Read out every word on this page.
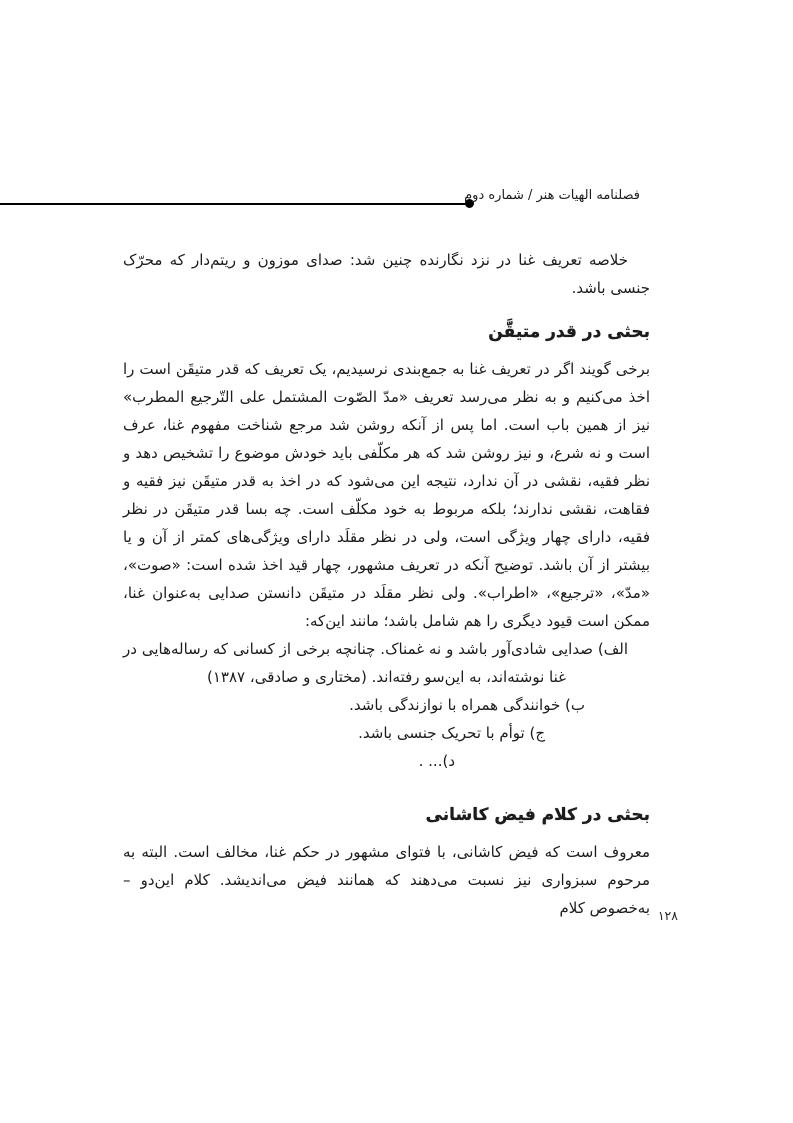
فصلنامه الهیات هنر / شماره دوم

خلاصه تعریف غنا در نزد نگارنده چنین شد: صدای موزون و ریتم‌دار که محرّک جنسی باشد.

بحثی در قدر متیقَّن

برخی گویند اگر در تعریف غنا به جمع‌بندی نرسیدیم، یک تعریف که قدر متیقَن است را اخذ می‌کنیم و به نظر می‌رسد تعریف «مدّ الصّوت المشتمل علی التّرجیع المطرب» نیز از همین باب است. اما پس از آنکه روشن شد مرجع شناخت مفهوم غنا، عرف است و نه شرع، و نیز روشن شد که هر مکلّفی باید خودش موضوع را تشخیص دهد و نظر فقیه، نقشی در آن ندارد، نتیجه این می‌شود که در اخذ به قدر متیقَن نیز فقیه و فقاهت، نقشی ندارند؛ بلکه مربوط به خود مکلّف است. چه بسا قدر متیقَن در نظر فقیه، دارای چهار ویژگی است، ولی در نظر مقلَد دارای ویژگی‌های کمتر از آن و یا بیشتر از آن باشد. توضیح آنکه در تعریف مشهور، چهار قید اخذ شده است: «صوت»، «مدّ»، «ترجیع»، «اطراب». ولی نظر مقلَد در متیقَن دانستن صدایی به‌عنوان غنا، ممکن است قیود دیگری را هم شامل باشد؛ مانند این‌که:

الف) صدایی شادی‌آور باشد و نه غمناک. چنانچه برخی از کسانی که رساله‌هایی در غنا نوشته‌اند، به این‌سو رفته‌اند. (مختاری و صادقی، ۱۳۸۷)

ب) خوانندگی همراه با نوازندگی باشد.
ج) توأم با تحریک جنسی باشد.
د)... .
بحثی در کلام فیض کاشانی

معروف است که فیض کاشانی، با فتوای مشهور در حکم غنا، مخالف است. البته به مرحوم سبزواری نیز نسبت می‌دهند که همانند فیض می‌اندیشد. کلام این‌دو – به‌خصوص کلام ۱۲۸
